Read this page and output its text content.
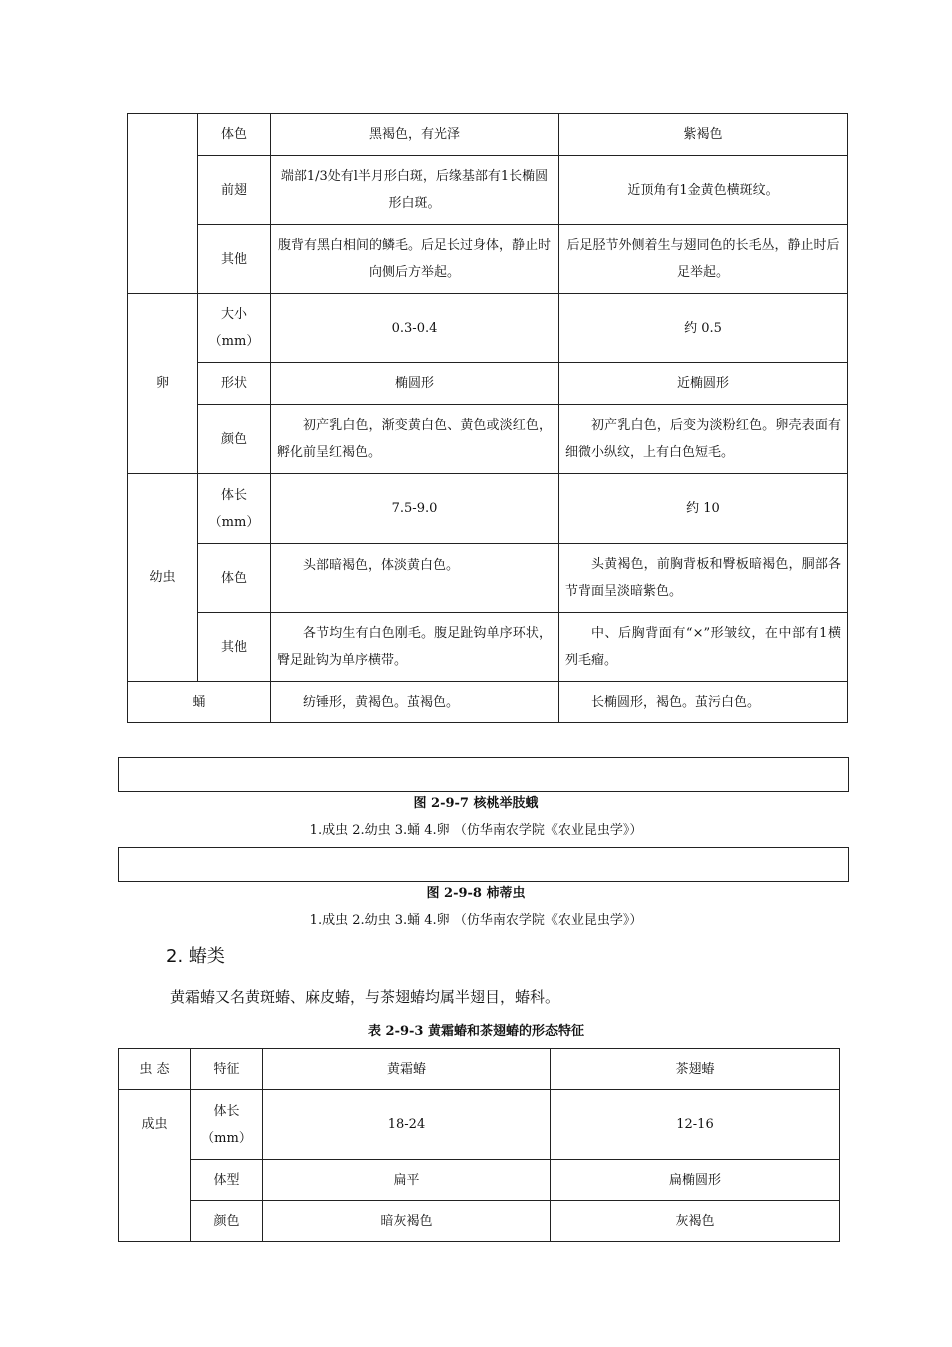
	体色	黑褐色，有光泽	紫褐色
	前翅	端部1/3处有l半月形白斑，后缘基部有1长椭圆形白斑。	近顶角有1金黄色横斑纹。
	其他	腹背有黑白相间的鳞毛。后足长过身体，静止时向侧后方举起。	后足胫节外侧着生与翅同色的长毛丛，静止时后足举起。
卵	大小（mm）	0.3-0.4	约 0.5
	形状	椭圆形	近椭圆形
	颜色	初产乳白色，渐变黄白色、黄色或淡红色，孵化前呈红褐色。	初产乳白色，后变为淡粉红色。卵壳表面有细微小纵纹，上有白色短毛。
幼虫	体长（mm）	7.5-9.0	约 10
	体色	头部暗褐色，体淡黄白色。	头黄褐色，前胸背板和臀板暗褐色，胴部各节背面呈淡暗紫色。
	其他	各节均生有白色刚毛。腹足趾钩单序环状，臀足趾钩为单序横带。	中、后胸背面有“×”形皱纹，在中部有1横列毛瘤。
蛹		纺锤形，黄褐色。茧褐色。	长椭圆形，褐色。茧污白色。
图 2-9-7 核桃举肢蛾
1.成虫 2.幼虫 3.蛹 4.卵 （仿华南农学院《农业昆虫学》）
图 2-9-8 柿蒂虫
1.成虫 2.幼虫 3.蛹 4.卵 （仿华南农学院《农业昆虫学》）
2. 蝽类
黄霜蝽又名黄斑蝽、麻皮蝽，与茶翅蝽均属半翅目，蝽科。
表 2-9-3 黄霜蝽和茶翅蝽的形态特征
虫 态	特征	黄霜蝽	茶翅蝽
成虫	体长（mm）	18-24	12-16
	体型	扁平	扁椭圆形
	颜色	暗灰褐色	灰褐色
